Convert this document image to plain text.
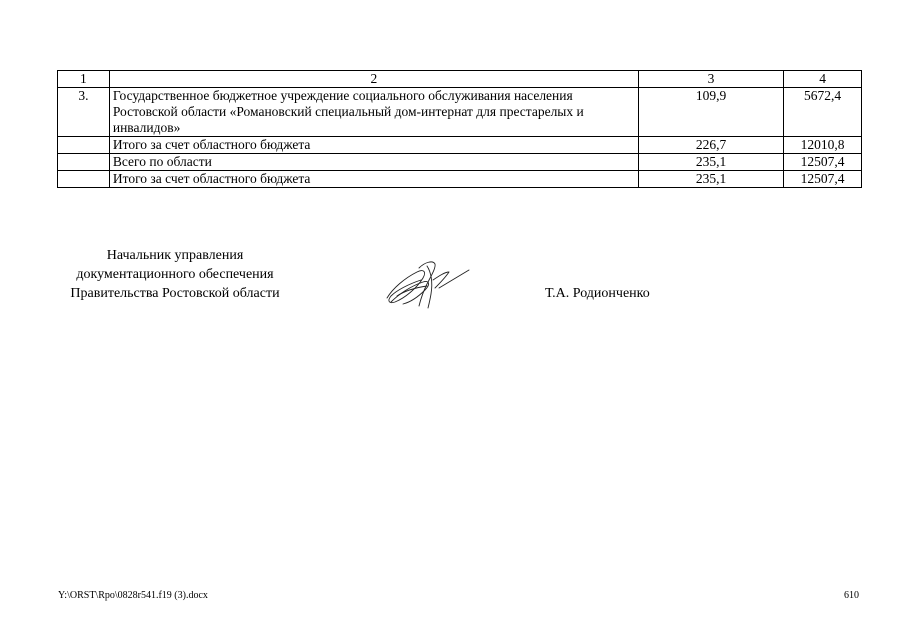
1	2	3	4
3.	Государственное бюджетное учреждение социального обслуживания населения Ростовской области «Романовский специальный дом-интернат для престарелых и инвалидов»	109,9	5672,4
	Итого за счет областного бюджета	226,7	12010,8
	Всего по области	235,1	12507,4
	Итого за счет областного бюджета	235,1	12507,4
Начальник управления
документационного обеспечения
Правительства Ростовской области	Т.А. Родионченко
Y:\ORST\Rpo\0828r541.f19 (3).docx	610
